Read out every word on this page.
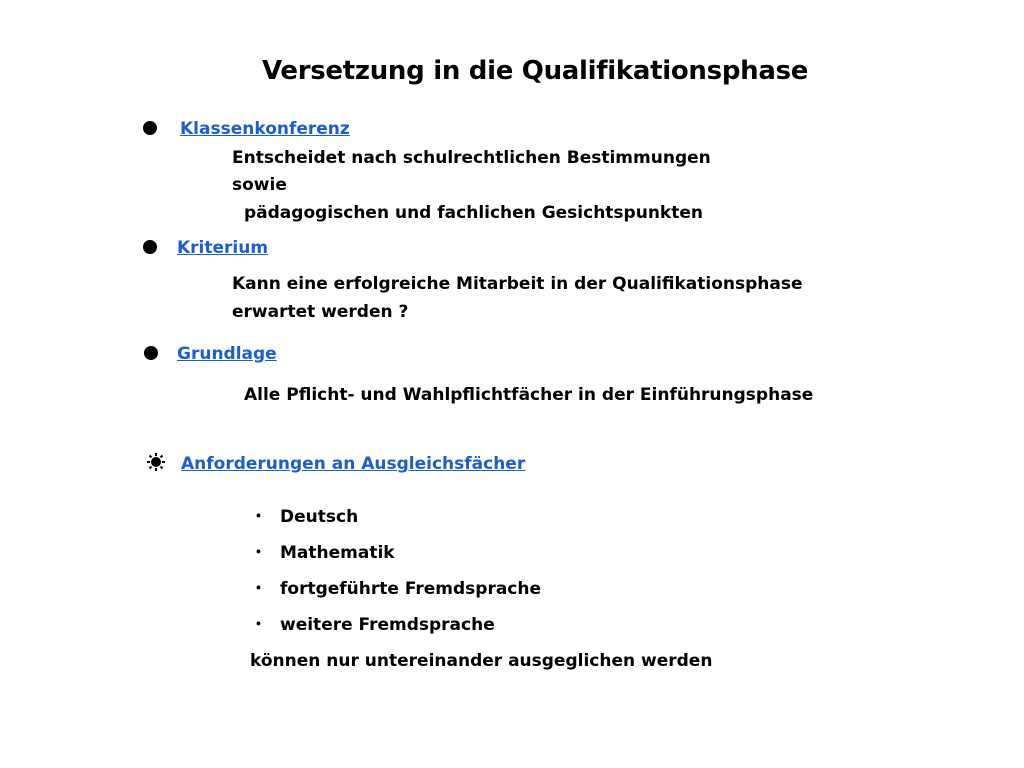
Versetzung in die Qualifikationsphase
Klassenkonferenz
Entscheidet nach schulrechtlichen Bestimmungen
sowie
pädagogischen und fachlichen Gesichtspunkten
Kriterium
Kann eine erfolgreiche Mitarbeit in der Qualifikationsphase
erwartet werden ?
Grundlage
Alle Pflicht- und Wahlpflichtfächer in der Einführungsphase
Anforderungen an Ausgleichsfächer
・ Deutsch
・ Mathematik
・ fortgeführte Fremdsprache
・ weitere Fremdsprache
können nur untereinander ausgeglichen werden
